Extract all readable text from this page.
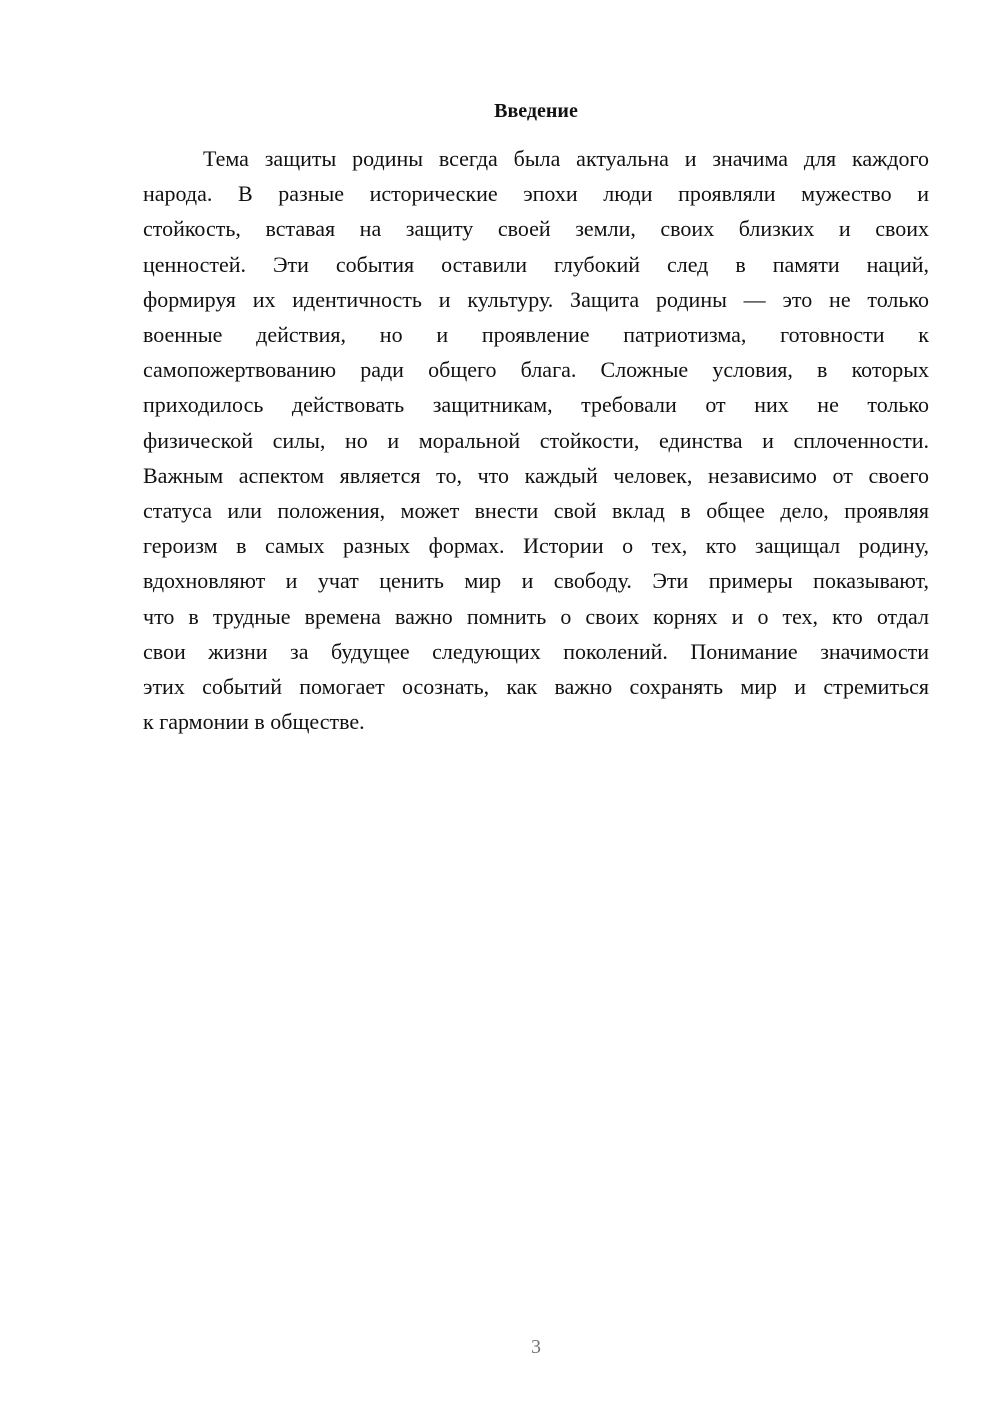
Введение

Тема защиты родины всегда была актуальна и значима для каждого
народа. В разные исторические эпохи люди проявляли мужество и
стойкость, вставая на защиту своей земли, своих близких и своих
ценностей. Эти события оставили глубокий след в памяти наций,
формируя их идентичность и культуру. Защита родины — это не только
военные действия, но и проявление патриотизма, готовности к
самопожертвованию ради общего блага. Сложные условия, в которых
приходилось действовать защитникам, требовали от них не только
физической силы, но и моральной стойкости, единства и сплоченности.
Важным аспектом является то, что каждый человек, независимо от своего
статуса или положения, может внести свой вклад в общее дело, проявляя
героизм в самых разных формах. Истории о тех, кто защищал родину,
вдохновляют и учат ценить мир и свободу. Эти примеры показывают,
что в трудные времена важно помнить о своих корнях и о тех, кто отдал
свои жизни за будущее следующих поколений. Понимание значимости
этих событий помогает осознать, как важно сохранять мир и стремиться
к гармонии в обществе.

3
